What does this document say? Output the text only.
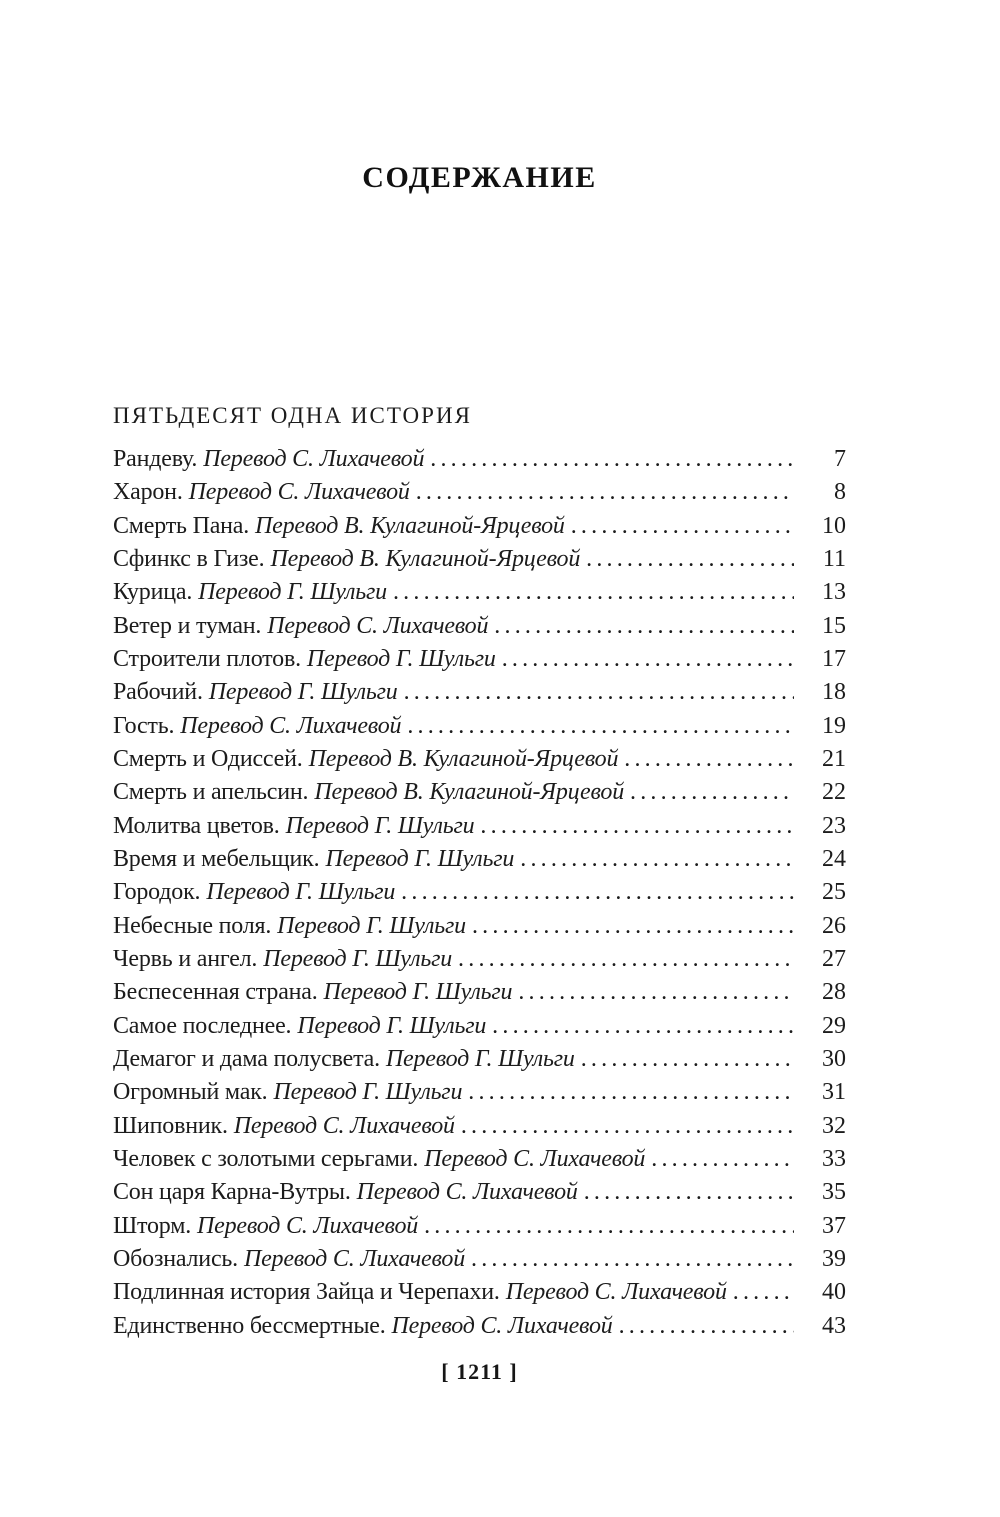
СОДЕРЖАНИЕ
ПЯТЬДЕСЯТ ОДНА ИСТОРИЯ
Рандеву. Перевод С. Лихачевой .....	7
Харон. Перевод С. Лихачевой .....	8
Смерть Пана. Перевод В. Кулагиной-Ярцевой .....	10
Сфинкс в Гизе. Перевод В. Кулагиной-Ярцевой .....	11
Курица. Перевод Г. Шульги .....	13
Ветер и туман. Перевод С. Лихачевой .....	15
Строители плотов. Перевод Г. Шульги .....	17
Рабочий. Перевод Г. Шульги .....	18
Гость. Перевод С. Лихачевой .....	19
Смерть и Одиссей. Перевод В. Кулагиной-Ярцевой .....	21
Смерть и апельсин. Перевод В. Кулагиной-Ярцевой .....	22
Молитва цветов. Перевод Г. Шульги .....	23
Время и мебельщик. Перевод Г. Шульги .....	24
Городок. Перевод Г. Шульги .....	25
Небесные поля. Перевод Г. Шульги .....	26
Червь и ангел. Перевод Г. Шульги .....	27
Беспесенная страна. Перевод Г. Шульги .....	28
Самое последнее. Перевод Г. Шульги .....	29
Демагог и дама полусвета. Перевод Г. Шульги .....	30
Огромный мак. Перевод Г. Шульги .....	31
Шиповник. Перевод С. Лихачевой .....	32
Человек с золотыми серьгами. Перевод С. Лихачевой .....	33
Сон царя Карна-Вутры. Перевод С. Лихачевой .....	35
Шторм. Перевод С. Лихачевой .....	37
Обознались. Перевод С. Лихачевой .....	39
Подлинная история Зайца и Черепахи. Перевод С. Лихачевой .....	40
Единственно бессмертные. Перевод С. Лихачевой .....	43
[ 1211 ]
